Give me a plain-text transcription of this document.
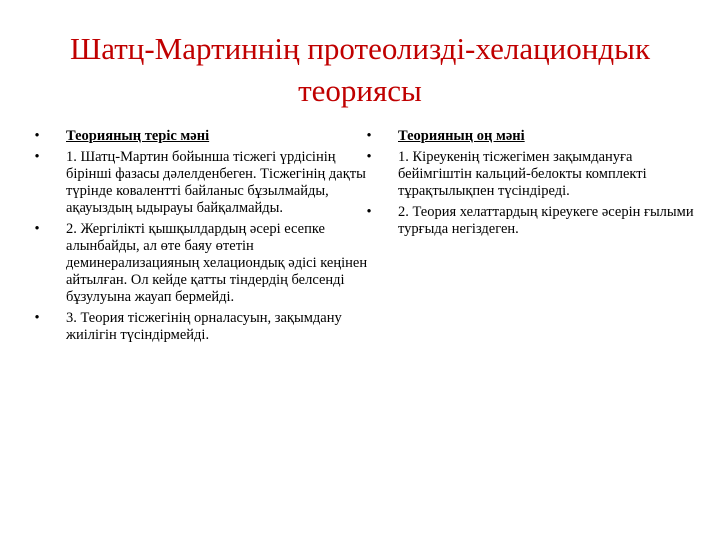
Шатц-Мартиннің протеолизді-хелациондык
теориясы
•	Теорияның теріс мәні
•	1. Шатц-Мартин бойынша тісжегі үрдісінің бірінші фазасы дәлелденбеген. Тісжегінің дақты түрінде коваленттi байланыс бұзылмайды, ақауыздың ыдырауы байқалмайды.
•	2. Жергілікті қышқылдардың әсері есепке алынбайды, ал өте баяу өтетін деминерализацияның хелациондық әдісі кеңінен айтылған. Ол кейде қатты тіндердің белсенді бұзулуына жауап бермейді.
•	3. Теория тісжегінің орналасуын, зақымдану жиілігін түсіндірмейді.
•	Теорияның оң мәні
•	1. Кіреукенің тісжегімен зақымдануға бейімгіштін кальций-белокты комплекті тұрақтылықпен түсіндіреді.
•	2. Теория хелаттардың кіреукеге әсерін ғылыми турғыда негіздеген.
